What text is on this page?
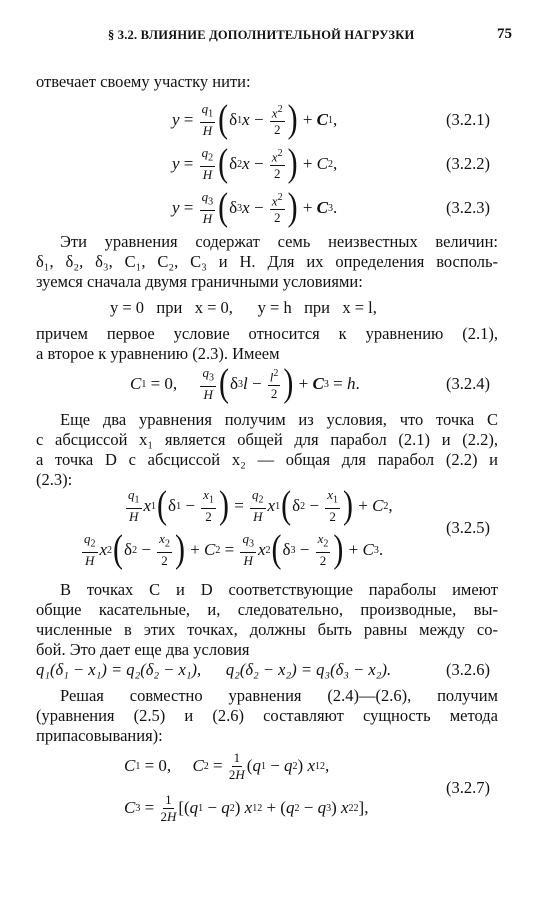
§ 3.2. ВЛИЯНИЕ ДОПОЛНИТЕЛЬНОЙ НАГРУЗКИ	75
отвечает своему участку нити:
$y = \frac{q_1}{H}$ ( δ 1 $x - \frac{x^2}{2}$ ) + C 1 ,	(3.2.1)
$y = \frac{q_2}{H}$ ( δ 2 $x - \frac{x^2}{2}$ ) + C 2 ,	(3.2.2)
$y = \frac{q_3}{H}$ ( δ 3 $x - \frac{x^2}{2}$ ) + C 3 .	(3.2.3)
Эти уравнения содержат семь неизвестных величин:
δ₁, δ₂, δ₃, C₁, C₂, C₃ и H. Для их определения восполь-
зуемся сначала двумя граничными условиями:
y = 0   при   x = 0,      y = h   при   x = l,
причем первое условие относится к уравнению (2.1),
а второе к уравнению (2.3). Имеем
C 1 = 0, $\frac{q_3}{H}$ ( δ 3 $l - \frac{l^2}{2}$ ) + C 3 = h .	(3.2.4)
Еще два уравнения получим из условия, что точка C
с абсциссой x₁ является общей для парабол (2.1) и (2.2),
а точка D с абсциссой x₂ — общая для парабол (2.2) и
(2.3):
$\frac{q_1}{H}$ x 1 ( δ $1 - \frac{x_1}{2}$ ) = $\frac{q_2}{H}$ x 1 ( δ $2 - \frac{x_1}{2}$ ) + C 2 ,
$\frac{q_2}{H}$ x 2 ( δ $2 - \frac{x_2}{2}$ ) + C $2 = \frac{q_3}{H}$ x 2 ( δ $3 - \frac{x_2}{2}$ ) + C 3 .
(3.2.5)
В точках C и D соответствующие параболы имеют
общие касательные, и, следовательно, производные, вы-
численные в этих точках, должны быть равны между со-
бой. Это дает еще два условия
q₁(δ₁ − x₁) = q₂(δ₂ − x₁),      q₂(δ₂ − x₂) = q₃(δ₃ − x₂).	(3.2.6)
Решая совместно уравнения (2.4)—(2.6), получим
(уравнения (2.5) и (2.6) составляют сущность метода
припасовывания):
C 1 = 0, C $2 = \frac{1}{2H}$ ( q 1 − q 2 ) x 1 2 ,
C $3 = \frac{1}{2H}$ [( q 1 − q 2 ) x 1 2 + ( q 2 − q 3 ) x 2 2 ],
(3.2.7)
